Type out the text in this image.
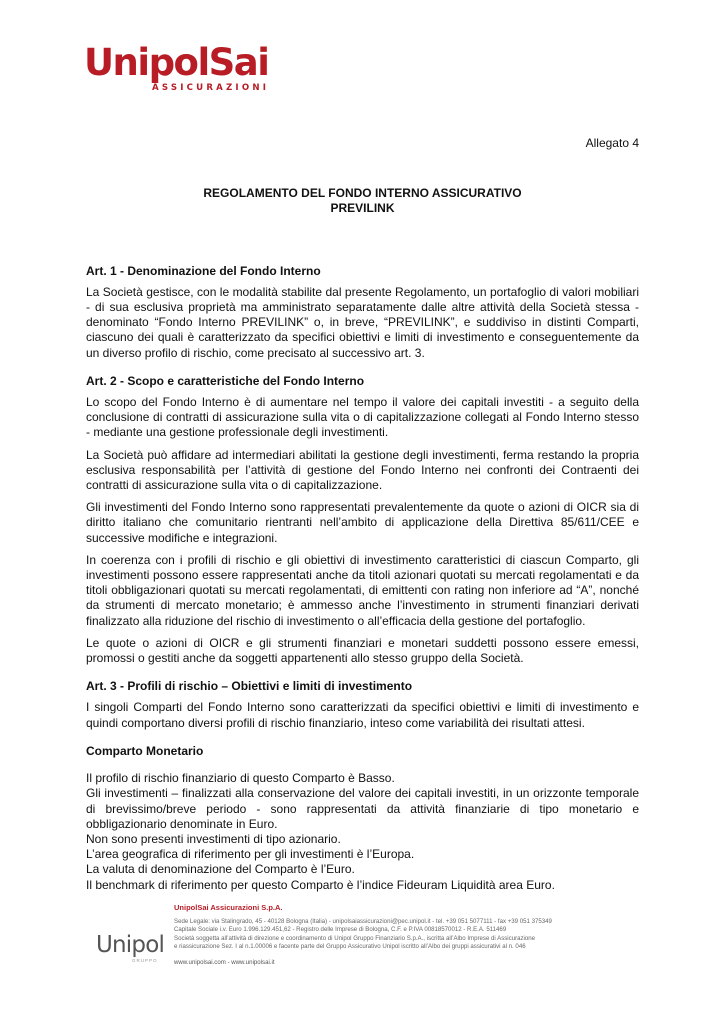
UnipolSai
ASSICURAZIONI
Allegato 4
REGOLAMENTO DEL FONDO INTERNO ASSICURATIVO
PREVILINK
Art. 1 - Denominazione del Fondo Interno

La Società gestisce, con le modalità stabilite dal presente Regolamento, un portafoglio di valori mobiliari - di sua esclusiva proprietà ma amministrato separatamente dalle altre attività della Società stessa - denominato “Fondo Interno PREVILINK” o, in breve, “PREVILINK”, e suddiviso in distinti Comparti, ciascuno dei quali è caratterizzato da specifici obiettivi e limiti di investimento e conseguentemente da un diverso profilo di rischio, come precisato al successivo art. 3.

Art. 2 - Scopo e caratteristiche del Fondo Interno

Lo scopo del Fondo Interno è di aumentare nel tempo il valore dei capitali investiti - a seguito della conclusione di contratti di assicurazione sulla vita o di capitalizzazione collegati al Fondo Interno stesso - mediante una gestione professionale degli investimenti.

La Società può affidare ad intermediari abilitati la gestione degli investimenti, ferma restando la propria esclusiva responsabilità per l’attività di gestione del Fondo Interno nei confronti dei Contraenti dei contratti di assicurazione sulla vita o di capitalizzazione.

Gli investimenti del Fondo Interno sono rappresentati prevalentemente da quote o azioni di OICR sia di diritto italiano che comunitario rientranti nell’ambito di applicazione della Direttiva 85/611/CEE e successive modifiche e integrazioni.

In coerenza con i profili di rischio e gli obiettivi di investimento caratteristici di ciascun Comparto, gli investimenti possono essere rappresentati anche da titoli azionari quotati su mercati regolamentati e da titoli obbligazionari quotati su mercati regolamentati, di emittenti con rating non inferiore ad “A”, nonché da strumenti di mercato monetario; è ammesso anche l’investimento in strumenti finanziari derivati finalizzato alla riduzione del rischio di investimento o all’efficacia della gestione del portafoglio.

Le quote o azioni di OICR e gli strumenti finanziari e monetari suddetti possono essere emessi, promossi o gestiti anche da soggetti appartenenti allo stesso gruppo della Società.

Art. 3 - Profili di rischio – Obiettivi e limiti di investimento

I singoli Comparti del Fondo Interno sono caratterizzati da specifici obiettivi e limiti di investimento e quindi comportano diversi profili di rischio finanziario, inteso come variabilità dei risultati attesi.

Comparto Monetario

Il profilo di rischio finanziario di questo Comparto è Basso.

Gli investimenti – finalizzati alla conservazione del valore dei capitali investiti, in un orizzonte temporale di brevissimo/breve periodo - sono rappresentati da attività finanziarie di tipo monetario e obbligazionario denominate in Euro.

Non sono presenti investimenti di tipo azionario.

L’area geografica di riferimento per gli investimenti è l’Europa.

La valuta di denominazione del Comparto è l’Euro.

Il benchmark di riferimento per questo Comparto è l’indice Fideuram Liquidità area Euro.

Unipol
GRUPPO
UnipolSai Assicurazioni S.p.A.
Sede Legale: via Stalingrado, 45 - 40128 Bologna (Italia) - unipolsaiassicurazioni@pec.unipol.it - tel. +39 051 5077111 - fax +39 051 375349
Capitale Sociale i.v. Euro 1.996.129.451,62 - Registro delle Imprese di Bologna, C.F. e P.IVA 00818570012 - R.E.A. 511469
Società soggetta all’attività di direzione e coordinamento di Unipol Gruppo Finanziario S.p.A., iscritta all’Albo Imprese di Assicurazione
e riassicurazione Sez. I al n.1.00006 e facente parte del Gruppo Assicurativo Unipol iscritto all’Albo dei gruppi assicurativi al n. 046
www.unipolsai.com - www.unipolsai.it
